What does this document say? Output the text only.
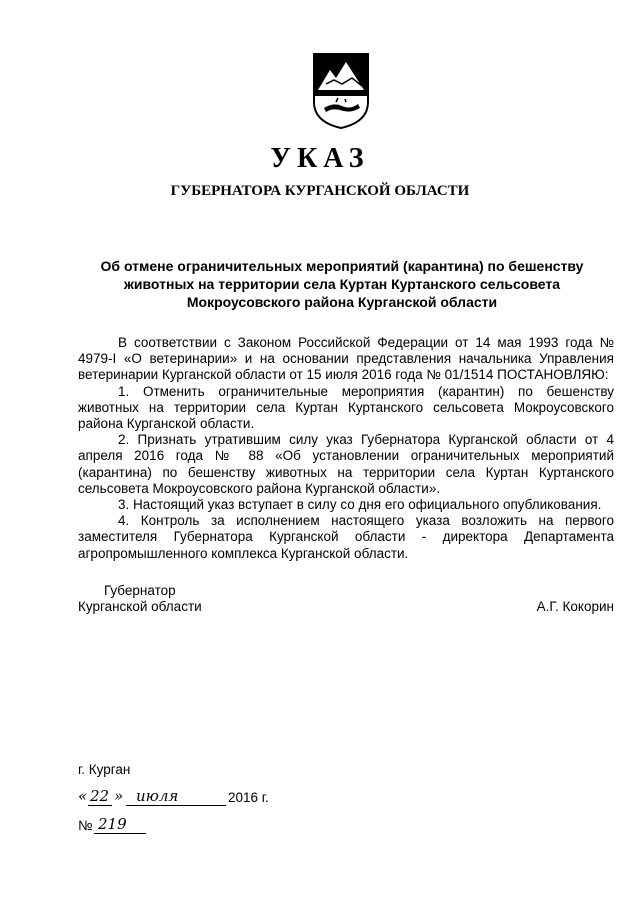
УКАЗ
ГУБЕРНАТОРА КУРГАНСКОЙ ОБЛАСТИ
Об отмене ограничительных мероприятий (карантина) по бешенству
животных на территории села Куртан Куртанского сельсовета
Мокроусовского района Курганской области

В соответствии с Законом Российской Федерации от 14 мая 1993 года № 4979-I «О ветеринарии» и на основании представления начальника Управления ветеринарии Курганской области от 15 июля 2016 года № 01/1514 ПОСТАНОВЛЯЮ:

1. Отменить ограничительные мероприятия (карантин) по бешенству животных на территории села Куртан Куртанского сельсовета Мокроусовского района Курганской области.

2. Признать утратившим силу указ Губернатора Курганской области от 4 апреля 2016 года № 88 «Об установлении ограничительных мероприятий (карантина) по бешенству животных на территории села Куртан Куртанского сельсовета Мокроусовского района Курганской области».

3. Настоящий указ вступает в силу со дня его официального опубликования.

4. Контроль за исполнением настоящего указа возложить на первого заместителя Губернатора Курганской области - директора Департамента агропромышленного комплекса Курганской области.

Губернатор
Курганской области	А.Г. Кокорин
г. Курган
« 22 » июля	2016 г.
№ 219
